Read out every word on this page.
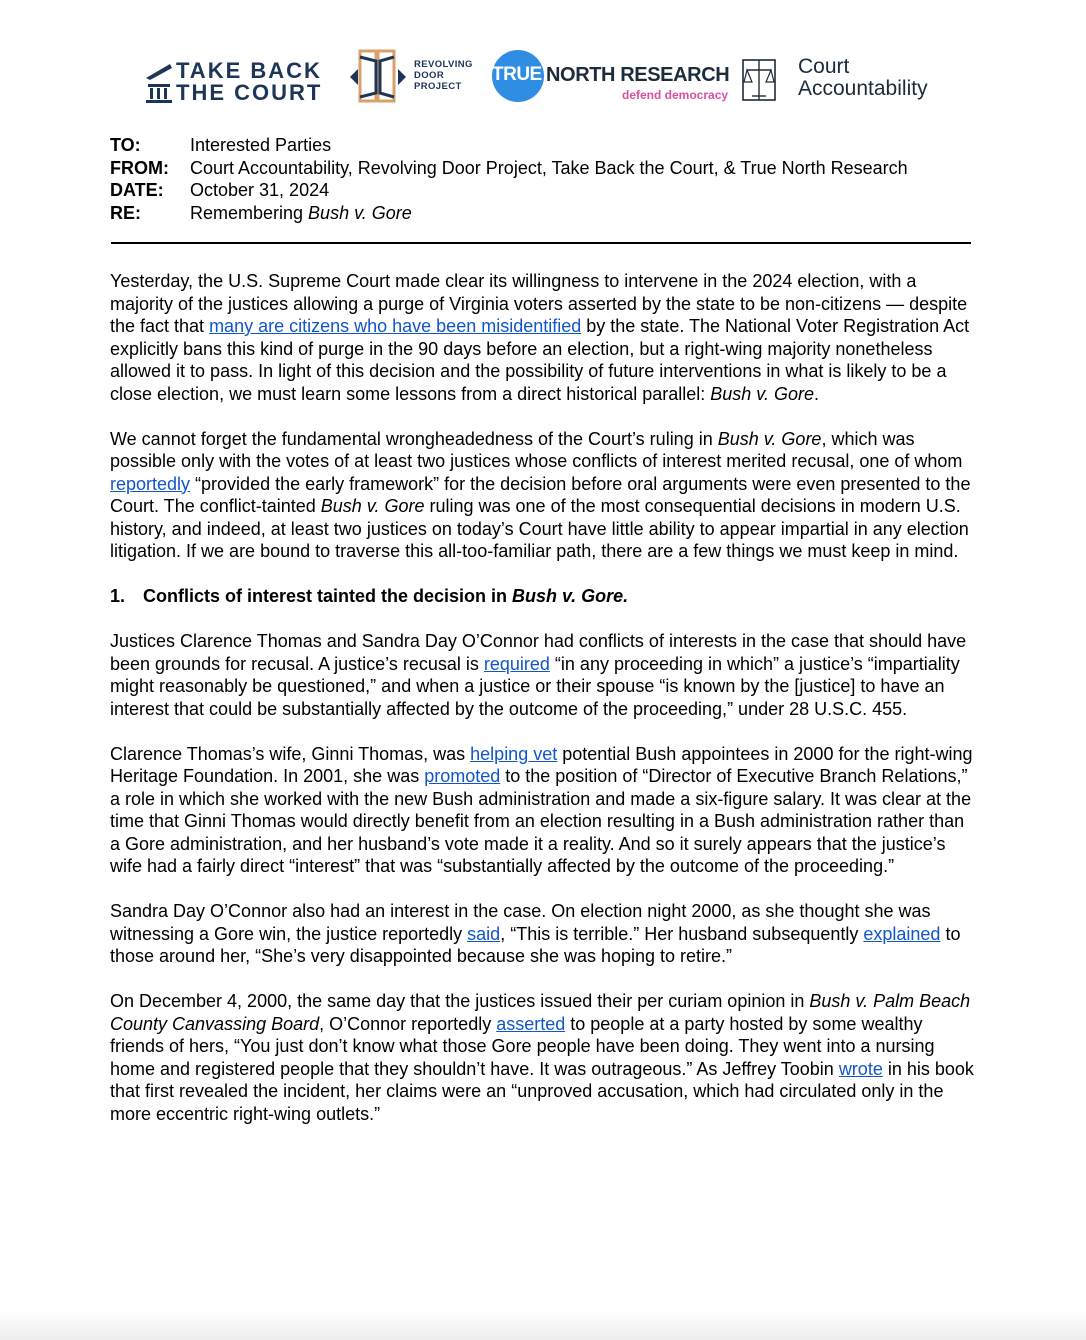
TAKE BACK
THE COURT
REVOLVING
DOOR
PROJECT
TRUE NORTH RESEARCH
defend democracy
Court
Accountability
TO:	Interested Parties
FROM:	Court Accountability, Revolving Door Project, Take Back the Court, & True North Research
DATE:	October 31, 2024
RE:	Remembering Bush v. Gore

Yesterday, the U.S. Supreme Court made clear its willingness to intervene in the 2024 election, with a majority of the justices allowing a purge of Virginia voters asserted by the state to be non-citizens — despite the fact that many are citizens who have been misidentified by the state. The National Voter Registration Act explicitly bans this kind of purge in the 90 days before an election, but a right-wing majority nonetheless allowed it to pass. In light of this decision and the possibility of future interventions in what is likely to be a close election, we must learn some lessons from a direct historical parallel: Bush v. Gore.

We cannot forget the fundamental wrongheadedness of the Court’s ruling in Bush v. Gore, which was possible only with the votes of at least two justices whose conflicts of interest merited recusal, one of whom reportedly “provided the early framework” for the decision before oral arguments were even presented to the Court. The conflict-tainted Bush v. Gore ruling was one of the most consequential decisions in modern U.S. history, and indeed, at least two justices on today’s Court have little ability to appear impartial in any election litigation. If we are bound to traverse this all-too-familiar path, there are a few things we must keep in mind.

1. Conflicts of interest tainted the decision in Bush v. Gore.

Justices Clarence Thomas and Sandra Day O’Connor had conflicts of interests in the case that should have been grounds for recusal. A justice’s recusal is required “in any proceeding in which” a justice’s “impartiality might reasonably be questioned,” and when a justice or their spouse “is known by the [justice] to have an interest that could be substantially affected by the outcome of the proceeding,” under 28 U.S.C. 455.

Clarence Thomas’s wife, Ginni Thomas, was helping vet potential Bush appointees in 2000 for the right-wing Heritage Foundation. In 2001, she was promoted to the position of “Director of Executive Branch Relations,” a role in which she worked with the new Bush administration and made a six-figure salary. It was clear at the time that Ginni Thomas would directly benefit from an election resulting in a Bush administration rather than a Gore administration, and her husband’s vote made it a reality. And so it surely appears that the justice’s wife had a fairly direct “interest” that was “substantially affected by the outcome of the proceeding.”

Sandra Day O’Connor also had an interest in the case. On election night 2000, as she thought she was witnessing a Gore win, the justice reportedly said, “This is terrible.” Her husband subsequently explained to those around her, “She’s very disappointed because she was hoping to retire.”

On December 4, 2000, the same day that the justices issued their per curiam opinion in Bush v. Palm Beach County Canvassing Board, O’Connor reportedly asserted to people at a party hosted by some wealthy friends of hers, “You just don’t know what those Gore people have been doing. They went into a nursing home and registered people that they shouldn’t have. It was outrageous.” As Jeffrey Toobin wrote in his book that first revealed the incident, her claims were an “unproved accusation, which had circulated only in the more eccentric right-wing outlets.”
